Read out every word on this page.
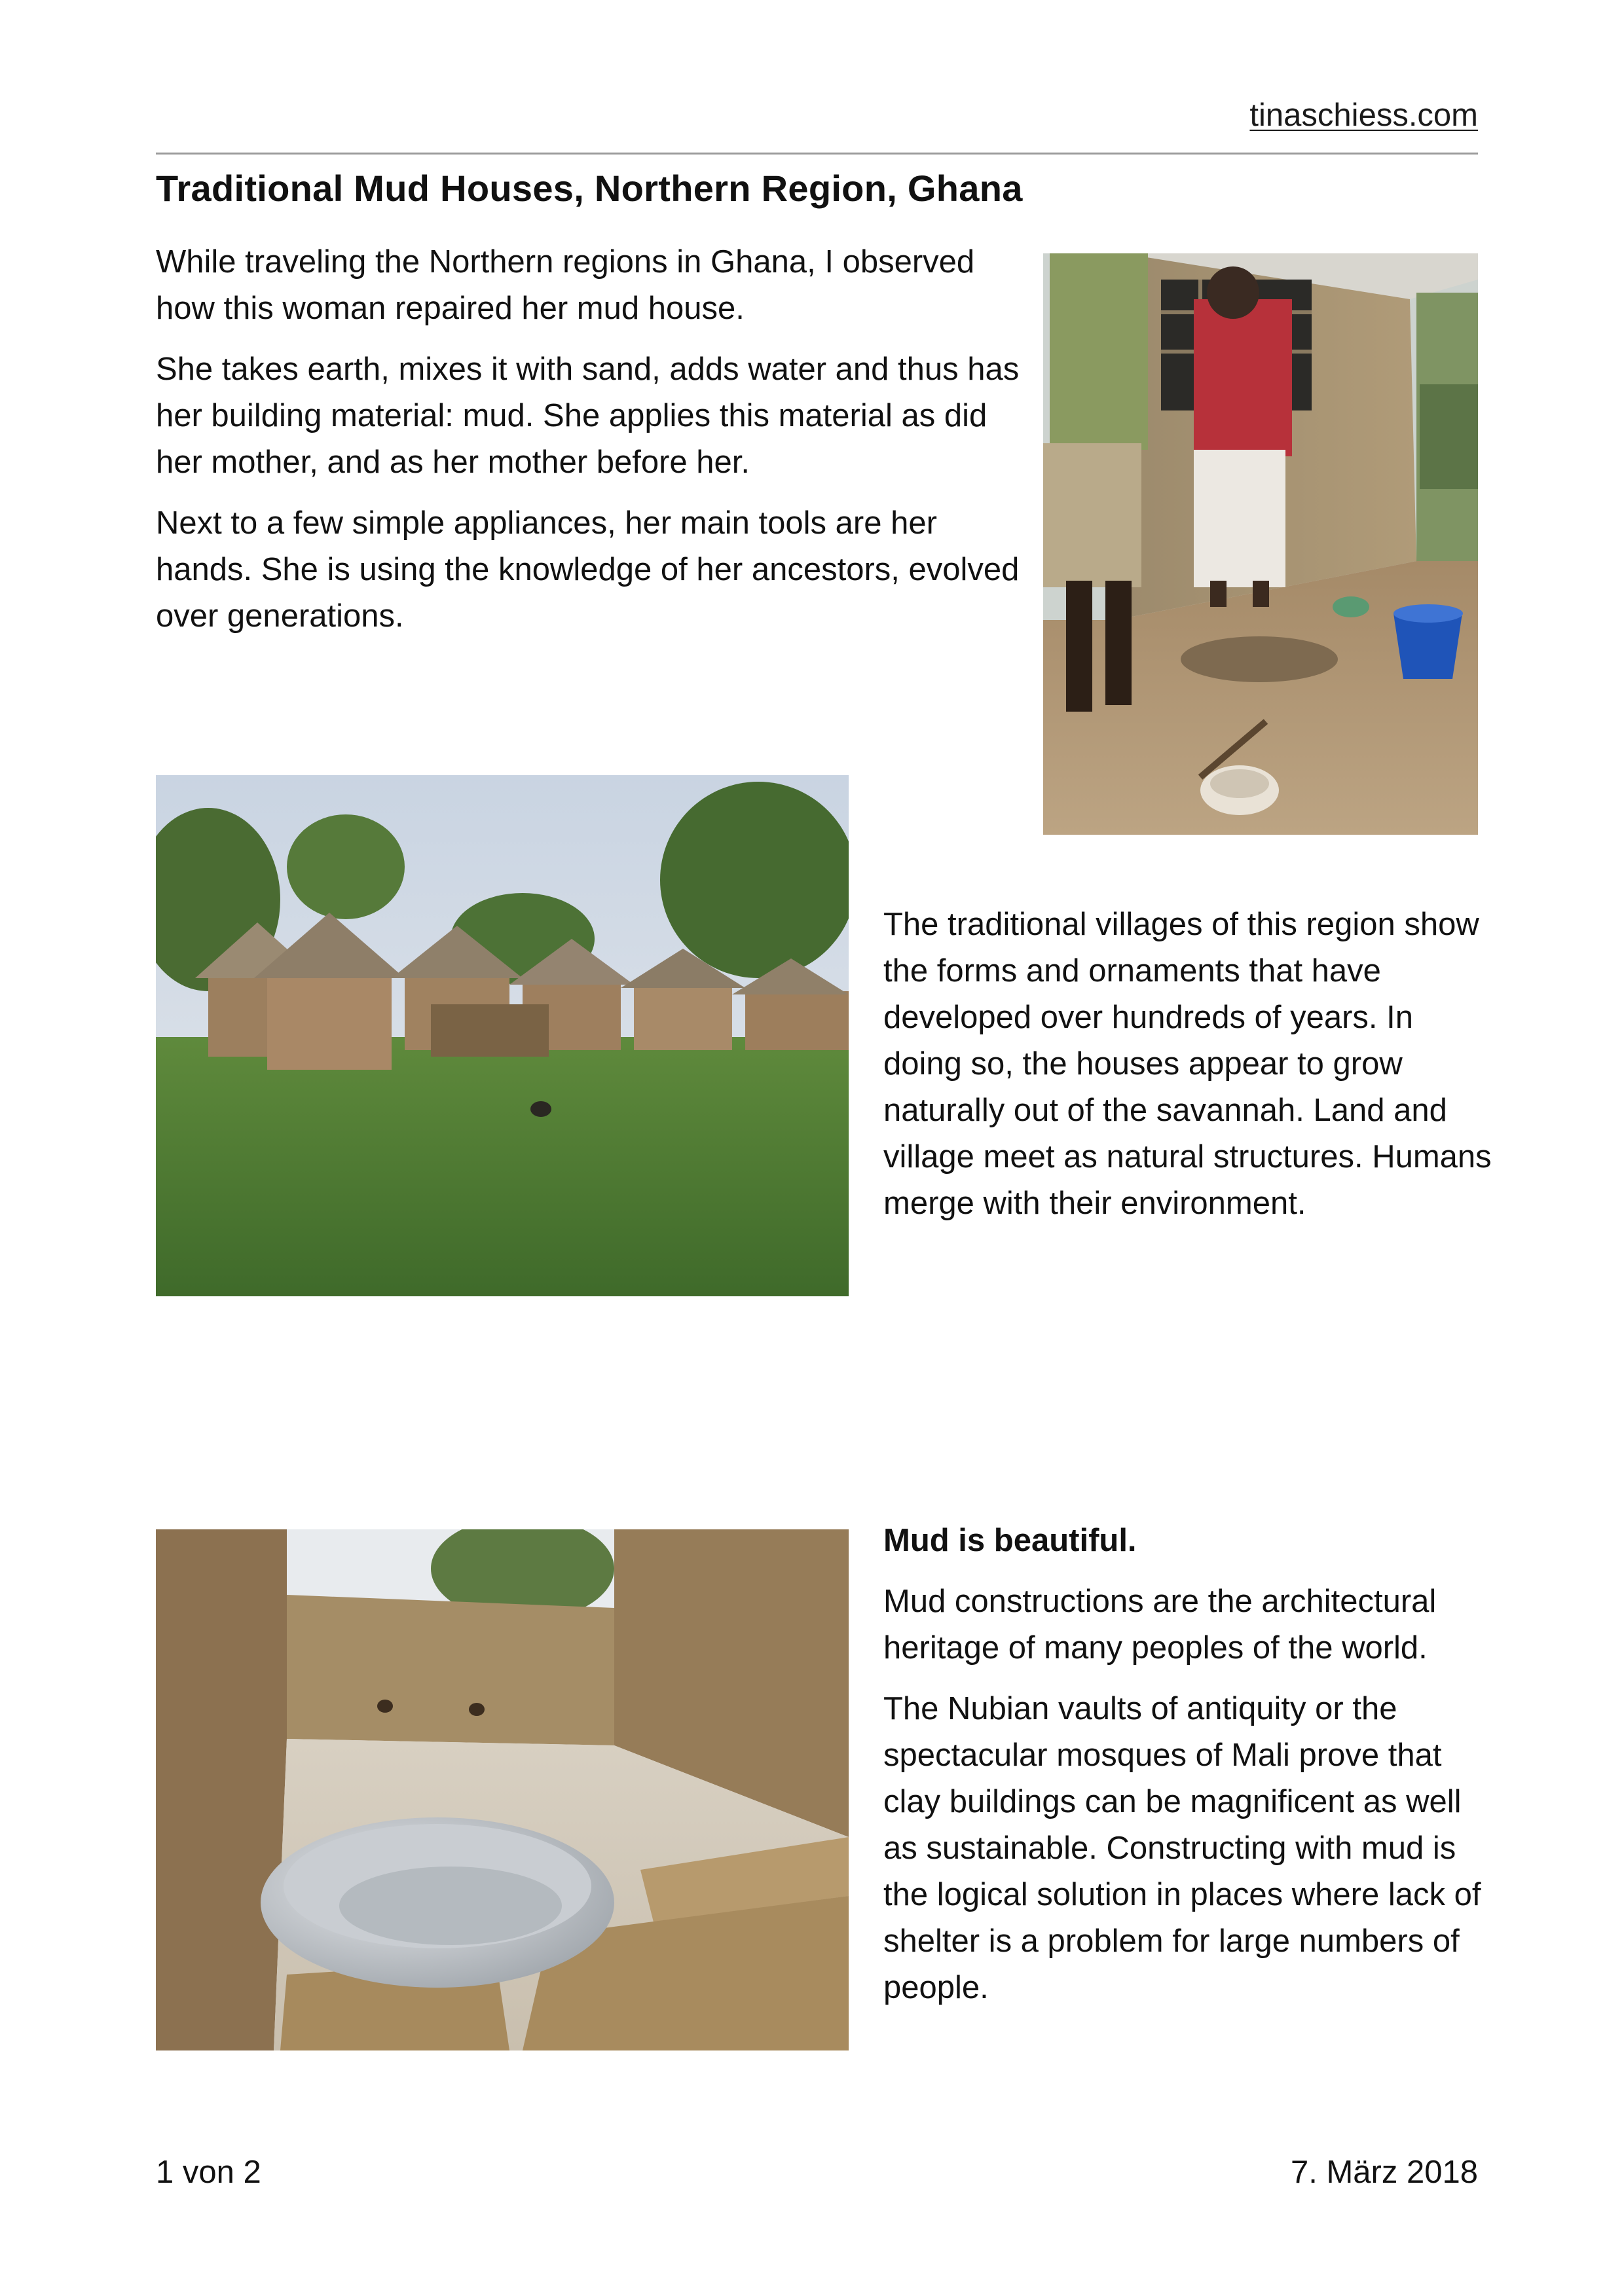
tinaschiess.com
Traditional Mud Houses, Northern Region, Ghana

While traveling the Northern regions in Ghana, I observed how this woman repaired her mud house.

She takes earth, mixes it with sand, adds water and thus has her building material: mud. She applies this material as did her mother, and as her mother before her.

Next to a few simple appliances, her main tools are her hands. She is using the knowledge of her ancestors, evolved over generations.

The traditional villages of this region show the forms and ornaments that have developed over hundreds of years. In doing so, the houses appear to grow naturally out of the savannah. Land and village meet as natural structures. Humans merge with their environment.

Mud is beautiful.

Mud constructions are the architectural heritage of many peoples of the world.

The Nubian vaults of antiquity or the spectacular mosques of Mali prove that clay buildings can be magnificent as well as sustainable. Constructing with mud is the logical solution in places where lack of shelter is a problem for large numbers of people.

1 von 2	7. März 2018
